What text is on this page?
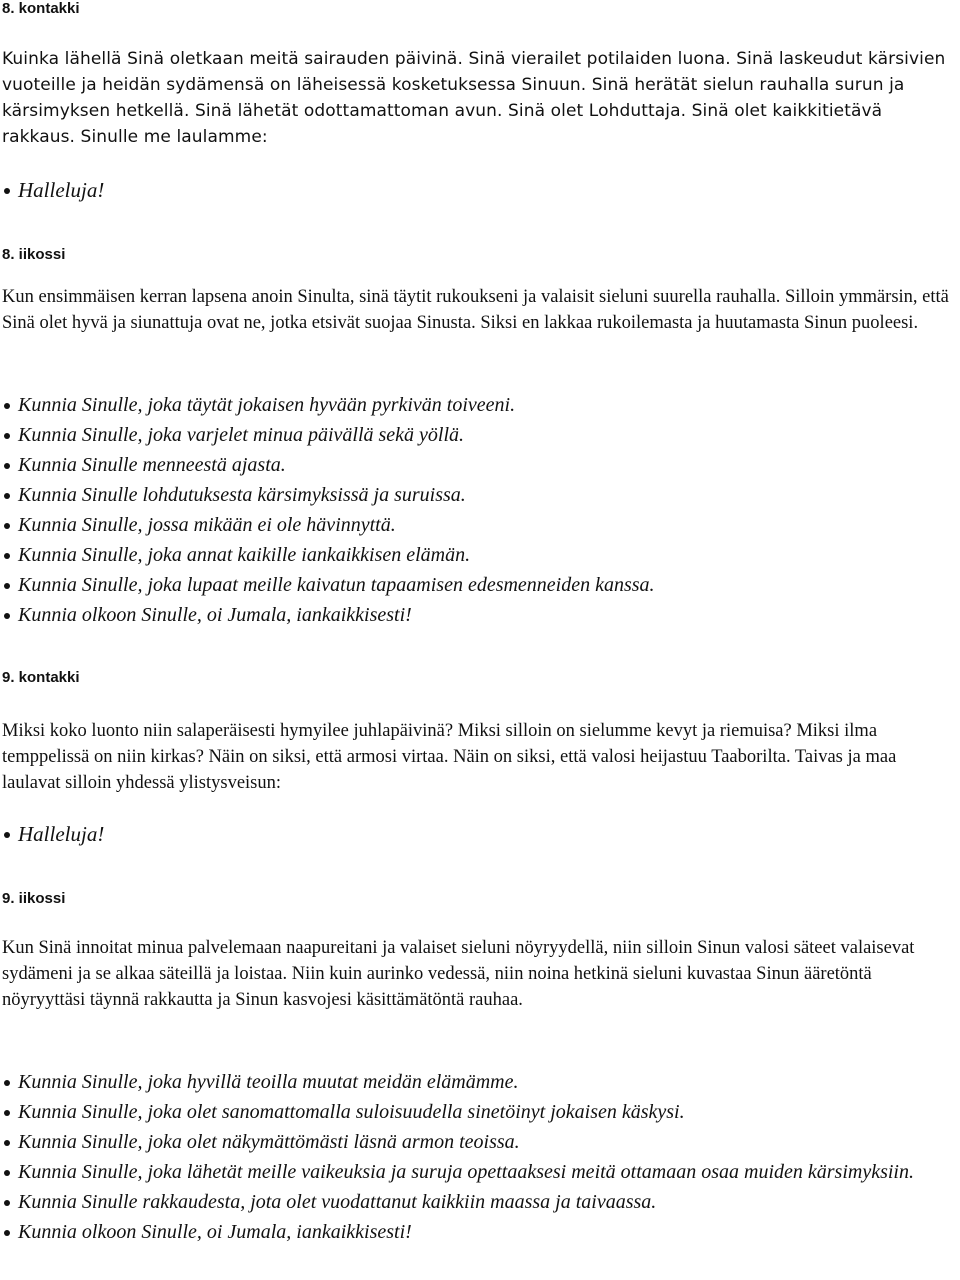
8. kontakki

Kuinka lähellä Sinä oletkaan meitä sairauden päivinä. Sinä vierailet potilaiden luona. Sinä laskeudut kärsivien vuoteille ja heidän sydämensä on läheisessä kosketuksessa Sinuun. Sinä herätät sielun rauhalla surun ja kärsimyksen hetkellä. Sinä lähetät odottamattoman avun. Sinä olet Lohduttaja. Sinä olet kaikkitietävä rakkaus. Sinulle me laulamme:

Halleluja!
8. iikossi

Kun ensimmäisen kerran lapsena anoin Sinulta, sinä täytit rukoukseni ja valaisit sieluni suurella rauhalla. Silloin ymmärsin, että Sinä olet hyvä ja siunattuja ovat ne, jotka etsivät suojaa Sinusta. Siksi en lakkaa rukoilemasta ja huutamasta Sinun puoleesi.

Kunnia Sinulle, joka täytät jokaisen hyvään pyrkivän toiveeni.
Kunnia Sinulle, joka varjelet minua päivällä sekä yöllä.
Kunnia Sinulle menneestä ajasta.
Kunnia Sinulle lohdutuksesta kärsimyksissä ja suruissa.
Kunnia Sinulle, jossa mikään ei ole hävinnyttä.
Kunnia Sinulle, joka annat kaikille iankaikkisen elämän.
Kunnia Sinulle, joka lupaat meille kaivatun tapaamisen edesmenneiden kanssa.
Kunnia olkoon Sinulle, oi Jumala, iankaikkisesti!
9. kontakki

Miksi koko luonto niin salaperäisesti hymyilee juhlapäivinä? Miksi silloin on sielumme kevyt ja riemuisa? Miksi ilma temppelissä on niin kirkas? Näin on siksi, että armosi virtaa. Näin on siksi, että valosi heijastuu Taaborilta. Taivas ja maa laulavat silloin yhdessä ylistysveisun:

Halleluja!
9. iikossi

Kun Sinä innoitat minua palvelemaan naapureitani ja valaiset sieluni nöyryydellä, niin silloin Sinun valosi säteet valaisevat sydämeni ja se alkaa säteillä ja loistaa. Niin kuin aurinko vedessä, niin noina hetkinä sieluni kuvastaa Sinun ääretöntä nöyryyttäsi täynnä rakkautta ja Sinun kasvojesi käsittämätöntä rauhaa.

Kunnia Sinulle, joka hyvillä teoilla muutat meidän elämämme.
Kunnia Sinulle, joka olet sanomattomalla suloisuudella sinetöinyt jokaisen käskysi.
Kunnia Sinulle, joka olet näkymättömästi läsnä armon teoissa.
Kunnia Sinulle, joka lähetät meille vaikeuksia ja suruja opettaaksesi meitä ottamaan osaa muiden kärsimyksiin.
Kunnia Sinulle rakkaudesta, jota olet vuodattanut kaikkiin maassa ja taivaassa.
Kunnia olkoon Sinulle, oi Jumala, iankaikkisesti!
